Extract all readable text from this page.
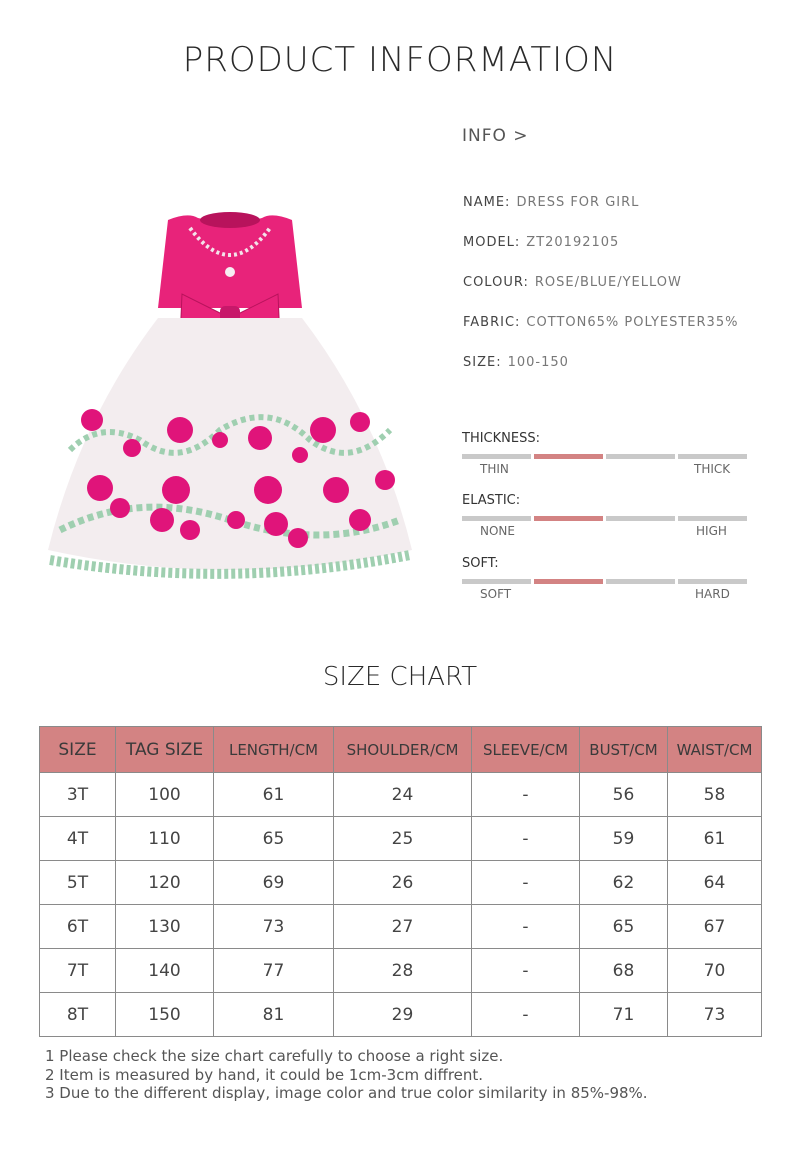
PRODUCT INFORMATION
INFO >
NAME: DRESS FOR GIRL
MODEL: ZT20192105
COLOUR: ROSE/BLUE/YELLOW
FABRIC: COTTON65% POLYESTER35%
SIZE: 100-150
THICKNESS:
THIN	THICK
ELASTIC:
NONE	HIGH
SOFT:
SOFT	HARD
SIZE CHART
SIZE	TAG SIZE	LENGTH/CM	SHOULDER/CM	SLEEVE/CM	BUST/CM	WAIST/CM
3T	100	61	24	-	56	58
4T	110	65	25	-	59	61
5T	120	69	26	-	62	64
6T	130	73	27	-	65	67
7T	140	77	28	-	68	70
8T	150	81	29	-	71	73
1 Please check the size chart carefully to choose a right size.
2 Item is measured by hand, it could be 1cm-3cm diffrent.
3 Due to the different display, image color and true color similarity in 85%-98%.
